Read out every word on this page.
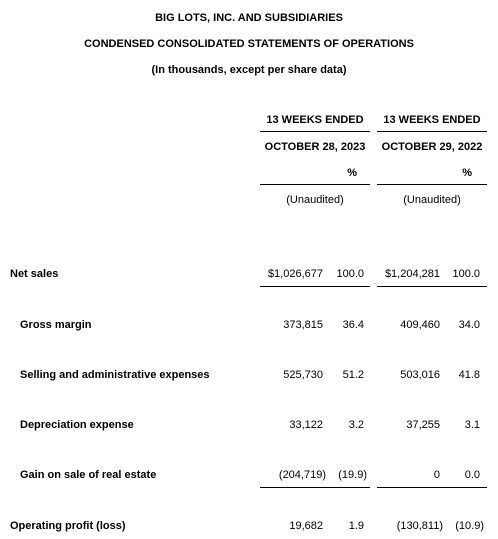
BIG LOTS, INC. AND SUBSIDIARIES
CONDENSED CONSOLIDATED STATEMENTS OF OPERATIONS
(In thousands, except per share data)
13 WEEKS ENDED
OCTOBER 28, 2023
%
(Unaudited)
13 WEEKS ENDED
OCTOBER 29, 2022
%
(Unaudited)
Net sales	$1,026,677	100.0	$1,204,281	100.0
Gross margin	373,815	36.4	409,460	34.0
Selling and administrative expenses	525,730	51.2	503,016	41.8
Depreciation expense	33,122	3.2	37,255	3.1
Gain on sale of real estate	(204,719)	(19.9)	0	0.0
Operating profit (loss)	19,682	1.9	(130,811)	(10.9)
